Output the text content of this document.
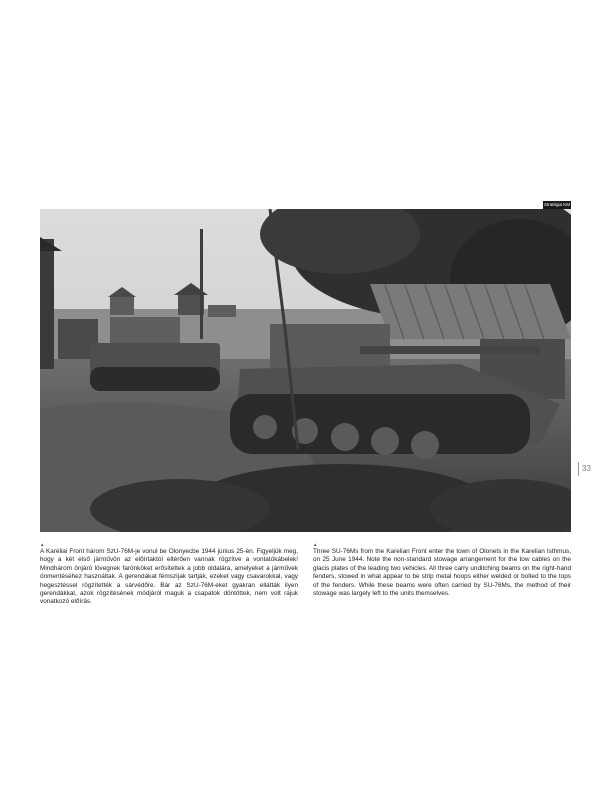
Stratégia KM
33
▲
A Karéliai Front három SzU-76M-je vonul be Olonyecbe 1944 június 25-én. Figyeljük meg, hogy a két első járművön az előírtaktól eltérően vannak rögzítve a vontatókábelek! Mindhárom önjáró lövegnek farönköket erősítettek a jobb oldalára, amelyeket a járművek önmentéséhez használtak. A gerendákat fémszíjak tartják, ezeket vagy csavarokkal, vagy hegesztéssel rögzítették a sárvédőre. Bár az SzU-76M-eket gyakran ellátták ilyen gerendákkal, azok rögzítésének módjáról maguk a csapatok döntöttek, nem volt rájuk vonatkozó előírás.
▲
Three SU-76Ms from the Karelian Front enter the town of Olonets in the Karelian Isthmus, on 25 June 1944. Note the non-standard stowage arrangement for the tow cables on the glacis plates of the leading two vehicles. All three carry unditching beams on the right-hand fenders, stowed in what appear to be strip metal hoops either welded or bolted to the tops of the fenders. While these beams were often carried by SU-76Ms, the method of their stowage was largely left to the units themselves.
